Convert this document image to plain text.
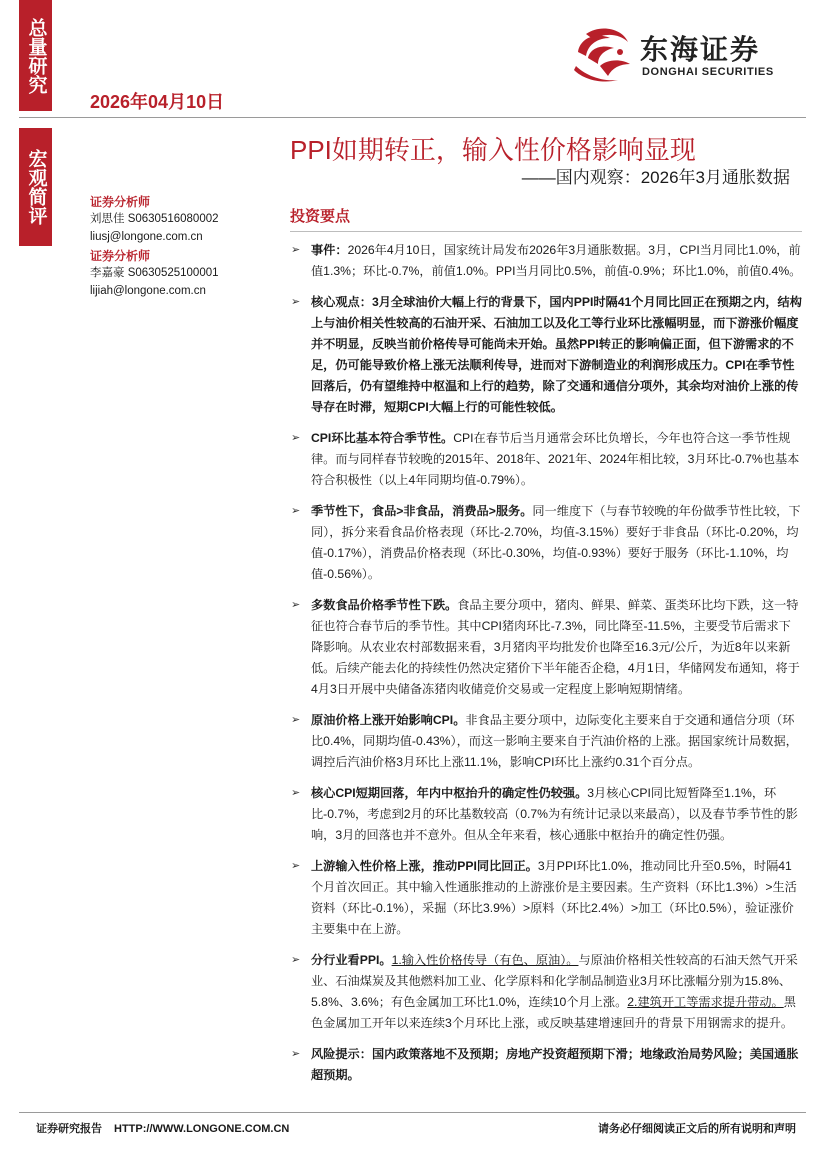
总量研究
宏观简评
2026年04月10日
东海证券
DONGHAI SECURITIES
PPI如期转正，输入性价格影响显现
——国内观察：2026年3月通胀数据
证券分析师
刘思佳 S0630516080002
liusj@longone.com.cn
证券分析师
李嘉豪 S0630525100001
lijiah@longone.com.cn
投资要点
➢ 事件：2026年4月10日，国家统计局发布2026年3月通胀数据。3月，CPI当月同比1.0%，前值1.3%；环比-0.7%，前值1.0%。PPI当月同比0.5%，前值-0.9%；环比1.0%，前值0.4%。
➢ 核心观点：3月全球油价大幅上行的背景下，国内PPI时隔41个月同比回正在预期之内，结构上与油价相关性较高的石油开采、石油加工以及化工等行业环比涨幅明显，而下游涨价幅度并不明显，反映当前价格传导可能尚未开始。虽然PPI转正的影响偏正面，但下游需求的不足，仍可能导致价格上涨无法顺利传导，进而对下游制造业的利润形成压力。CPI在季节性回落后，仍有望维持中枢温和上行的趋势，除了交通和通信分项外，其余均对油价上涨的传导存在时滞，短期CPI大幅上行的可能性较低。
➢ CPI环比基本符合季节性。CPI在春节后当月通常会环比负增长，今年也符合这一季节性规律。而与同样春节较晚的2015年、2018年、2021年、2024年相比较，3月环比-0.7%也基本符合积极性（以上4年同期均值-0.79%）。
➢ 季节性下，食品>非食品，消费品>服务。同一维度下（与春节较晚的年份做季节性比较，下同），拆分来看食品价格表现（环比-2.70%，均值-3.15%）要好于非食品（环比-0.20%，均值-0.17%），消费品价格表现（环比-0.30%，均值-0.93%）要好于服务（环比-1.10%，均值-0.56%）。
➢ 多数食品价格季节性下跌。食品主要分项中，猪肉、鲜果、鲜菜、蛋类环比均下跌，这一特征也符合春节后的季节性。其中CPI猪肉环比-7.3%，同比降至-11.5%，主要受节后需求下降影响。从农业农村部数据来看，3月猪肉平均批发价也降至16.3元/公斤，为近8年以来新低。后续产能去化的持续性仍然决定猪价下半年能否企稳，4月1日，华储网发布通知，将于4月3日开展中央储备冻猪肉收储竞价交易或一定程度上影响短期情绪。
➢ 原油价格上涨开始影响CPI。非食品主要分项中，边际变化主要来自于交通和通信分项（环比0.4%，同期均值-0.43%），而这一影响主要来自于汽油价格的上涨。据国家统计局数据，调控后汽油价格3月环比上涨11.1%，影响CPI环比上涨约0.31个百分点。
➢ 核心CPI短期回落，年内中枢抬升的确定性仍较强。3月核心CPI同比短暂降至1.1%，环比-0.7%，考虑到2月的环比基数较高（0.7%为有统计记录以来最高），以及春节季节性的影响，3月的回落也并不意外。但从全年来看，核心通胀中枢抬升的确定性仍强。
➢ 上游输入性价格上涨，推动PPI同比回正。3月PPI环比1.0%，推动同比升至0.5%，时隔41个月首次回正。其中输入性通胀推动的上游涨价是主要因素。生产资料（环比1.3%）>生活资料（环比-0.1%），采掘（环比3.9%）>原料（环比2.4%）>加工（环比0.5%），验证涨价主要集中在上游。
➢ 分行业看PPI。1.输入性价格传导（有色、原油）。与原油价格相关性较高的石油天然气开采业、石油煤炭及其他燃料加工业、化学原料和化学制品制造业3月环比涨幅分别为15.8%、5.8%、3.6%；有色金属加工环比1.0%，连续10个月上涨。2.建筑开工等需求提升带动。黑色金属加工开年以来连续3个月环比上涨，或反映基建增速回升的背景下用钢需求的提升。
➢ 风险提示：国内政策落地不及预期；房地产投资超预期下滑；地缘政治局势风险；美国通胀超预期。
证券研究报告 HTTP://WWW.LONGONE.COM.CN	请务必仔细阅读正文后的所有说明和声明
